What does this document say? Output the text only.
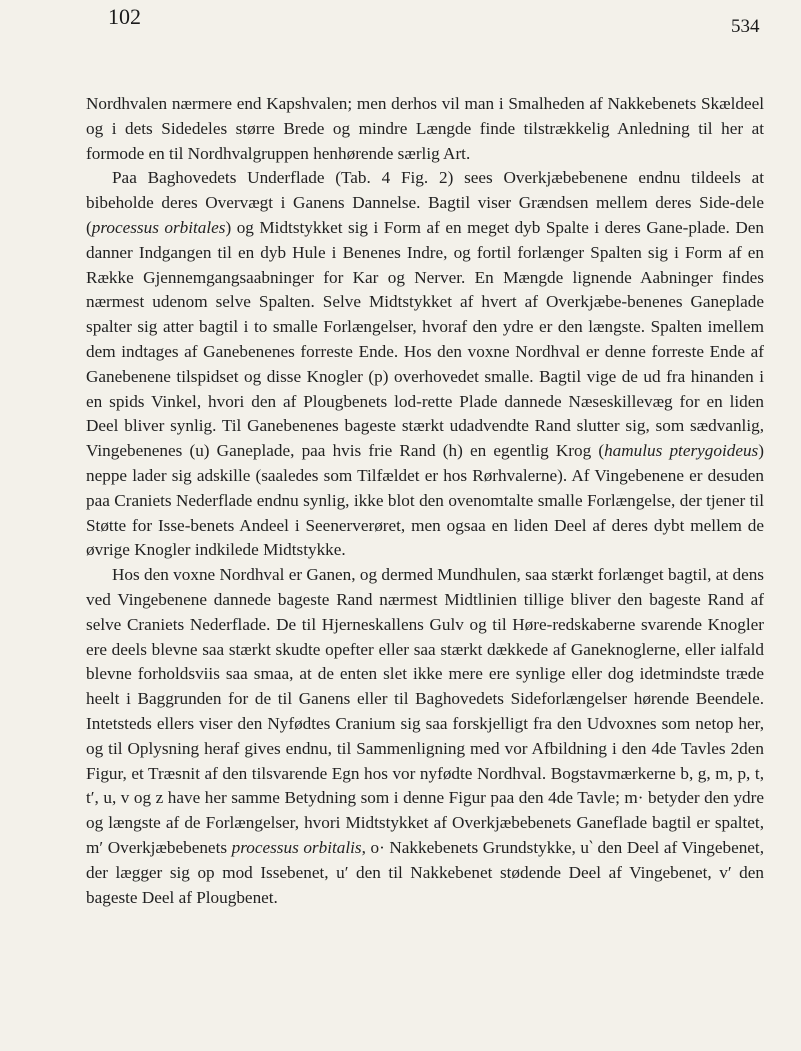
102	534

Nordhvalen nærmere end Kapshvalen; men derhos vil man i Smalheden af Nakkebenets Skældeel og i dets Sidedeles større Brede og mindre Længde finde tilstrækkelig Anledning til her at formode en til Nordhvalgruppen henhørende særlig Art.

Paa Baghovedets Underflade (Tab. 4 Fig. 2) sees Overkjæbebenene endnu tildeels at bibeholde deres Overvægt i Ganens Dannelse. Bagtil viser Grændsen mellem deres Side-dele (processus orbitales) og Midtstykket sig i Form af en meget dyb Spalte i deres Gane-plade. Den danner Indgangen til en dyb Hule i Benenes Indre, og fortil forlænger Spalten sig i Form af en Række Gjennemgangsaabninger for Kar og Nerver. En Mængde lignende Aabninger findes nærmest udenom selve Spalten. Selve Midtstykket af hvert af Overkjæbe-benenes Ganeplade spalter sig atter bagtil i to smalle Forlængelser, hvoraf den ydre er den længste. Spalten imellem dem indtages af Ganebenenes forreste Ende. Hos den voxne Nordhval er denne forreste Ende af Ganebenene tilspidset og disse Knogler (p) overhovedet smalle. Bagtil vige de ud fra hinanden i en spids Vinkel, hvori den af Plougbenets lod-rette Plade dannede Næseskillevæg for en liden Deel bliver synlig. Til Ganebenenes bageste stærkt udadvendte Rand slutter sig, som sædvanlig, Vingebenenes (u) Ganeplade, paa hvis frie Rand (h) en egentlig Krog (hamulus pterygoideus) neppe lader sig adskille (saaledes som Tilfældet er hos Rørhvalerne). Af Vingebenene er desuden paa Craniets Nederflade endnu synlig, ikke blot den ovenomtalte smalle Forlængelse, der tjener til Støtte for Isse-benets Andeel i Seenerverøret, men ogsaa en liden Deel af deres dybt mellem de øvrige Knogler indkilede Midtstykke.

Hos den voxne Nordhval er Ganen, og dermed Mundhulen, saa stærkt forlænget bagtil, at dens ved Vingebenene dannede bageste Rand nærmest Midtlinien tillige bliver den bageste Rand af selve Craniets Nederflade. De til Hjerneskallens Gulv og til Høre-redskaberne svarende Knogler ere deels blevne saa stærkt skudte opefter eller saa stærkt dækkede af Ganeknoglerne, eller ialfald blevne forholdsviis saa smaa, at de enten slet ikke mere ere synlige eller dog idetmindste træde heelt i Baggrunden for de til Ganens eller til Baghovedets Sideforlængelser hørende Beendele. Intetsteds ellers viser den Nyfødtes Cranium sig saa forskjelligt fra den Udvoxnes som netop her, og til Oplysning heraf gives endnu, til Sammenligning med vor Afbildning i den 4de Tavles 2den Figur, et Træsnit af den tilsvarende Egn hos vor nyfødte Nordhval. Bogstavmærkerne b, g, m, p, t, t′, u, v og z have her samme Betydning som i denne Figur paa den 4de Tavle; m· betyder den ydre og længste af de Forlængelser, hvori Midtstykket af Overkjæbebenets Ganeflade bagtil er spaltet, m′ Overkjæbebenets processus orbitalis, o· Nakkebenets Grundstykke, u‵ den Deel af Vingebenet, der lægger sig op mod Issebenet, u′ den til Nakkebenet stødende Deel af Vingebenet, v′ den bageste Deel af Plougbenet.
